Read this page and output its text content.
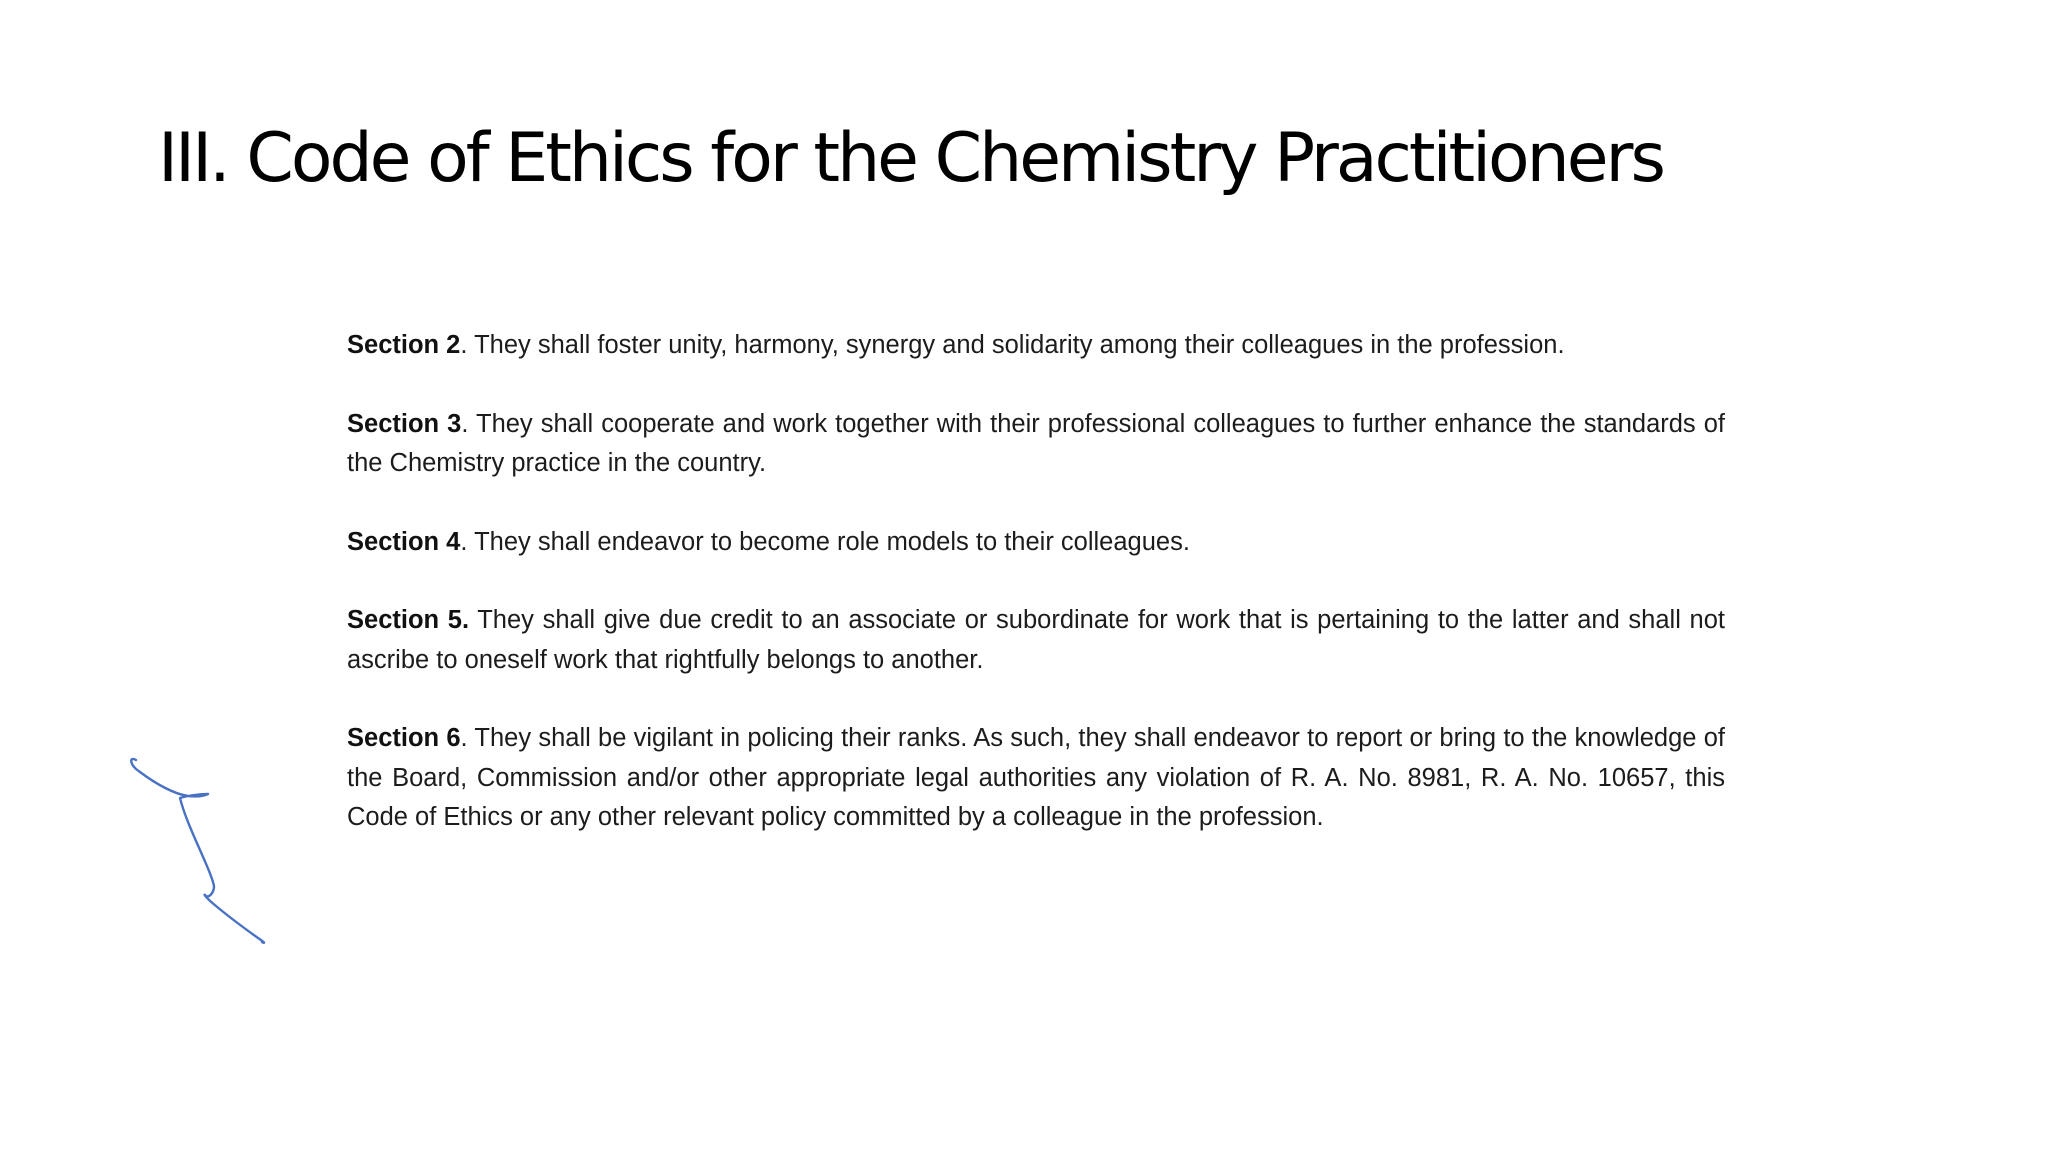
III. Code of Ethics for the Chemistry Practitioners

Section 2. They shall foster unity, harmony, synergy and solidarity among their colleagues in the profession.

Section 3. They shall cooperate and work together with their professional colleagues to further enhance the standards of the Chemistry practice in the country.

Section 4. They shall endeavor to become role models to their colleagues.

Section 5. They shall give due credit to an associate or subordinate for work that is pertaining to the latter and shall not ascribe to oneself work that rightfully belongs to another.

Section 6. They shall be vigilant in policing their ranks. As such, they shall endeavor to report or bring to the knowledge of the Board, Commission and/or other appropriate legal authorities any violation of R. A. No. 8981, R. A. No. 10657, this Code of Ethics or any other relevant policy committed by a colleague in the profession.
